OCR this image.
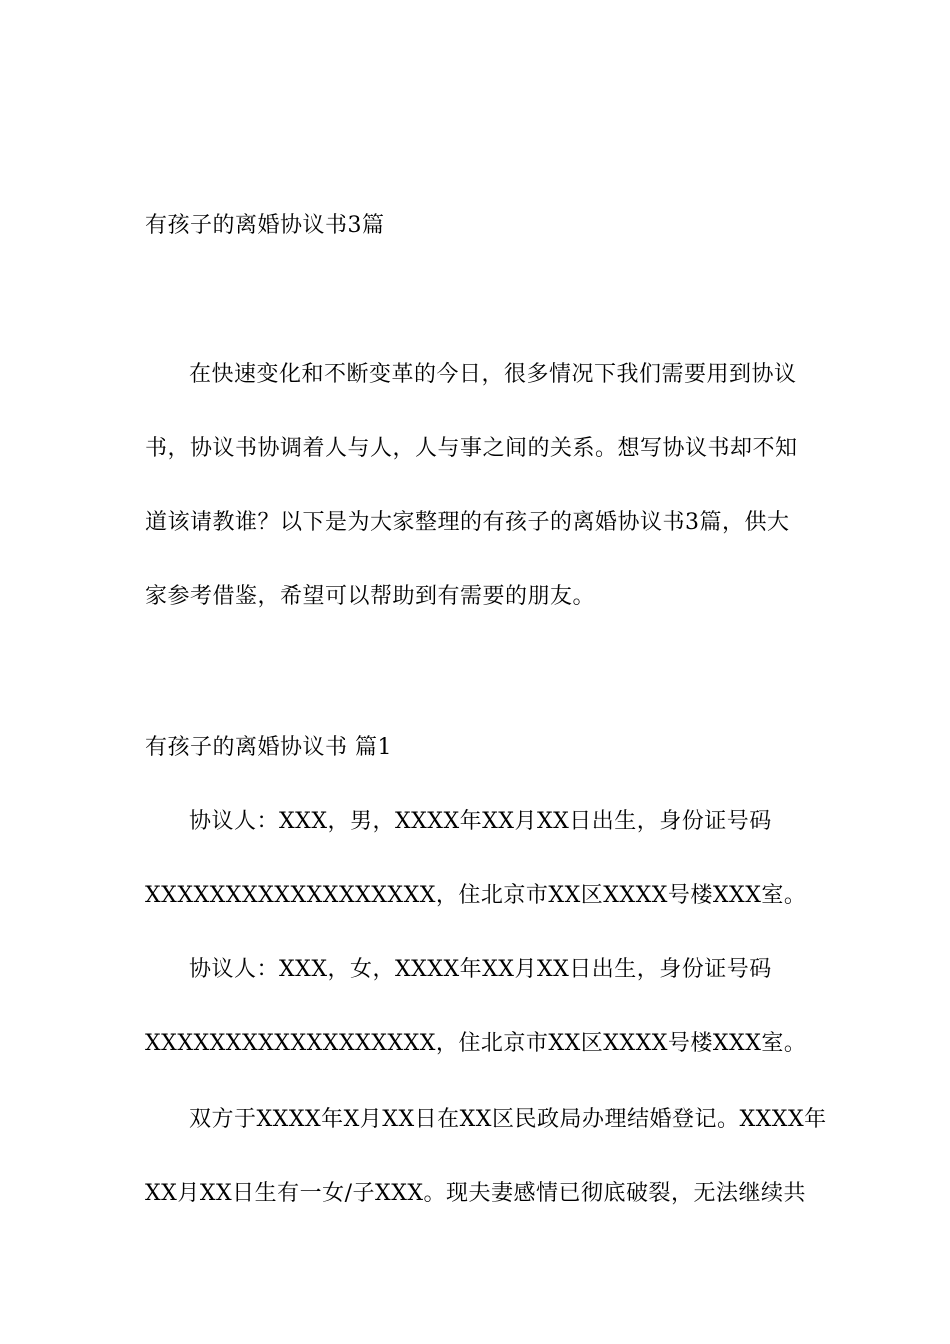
有孩子的离婚协议书3篇
在快速变化和不断变革的今日，很多情况下我们需要用到协议
书，协议书协调着人与人，人与事之间的关系。想写协议书却不知
道该请教谁？以下是为大家整理的有孩子的离婚协议书3篇，供大
家参考借鉴，希望可以帮助到有需要的朋友。
有孩子的离婚协议书 篇1
协议人：XXX，男，XXXX年XX月XX日出生，身份证号码
XXXXXXXXXXXXXXXXXX，住北京市XX区XXXX号楼XXX室。
协议人：XXX，女，XXXX年XX月XX日出生，身份证号码
XXXXXXXXXXXXXXXXXX，住北京市XX区XXXX号楼XXX室。
双方于XXXX年X月XX日在XX区民政局办理结婚登记。XXXX年
XX月XX日生有一女/子XXX。现夫妻感情已彻底破裂，无法继续共
